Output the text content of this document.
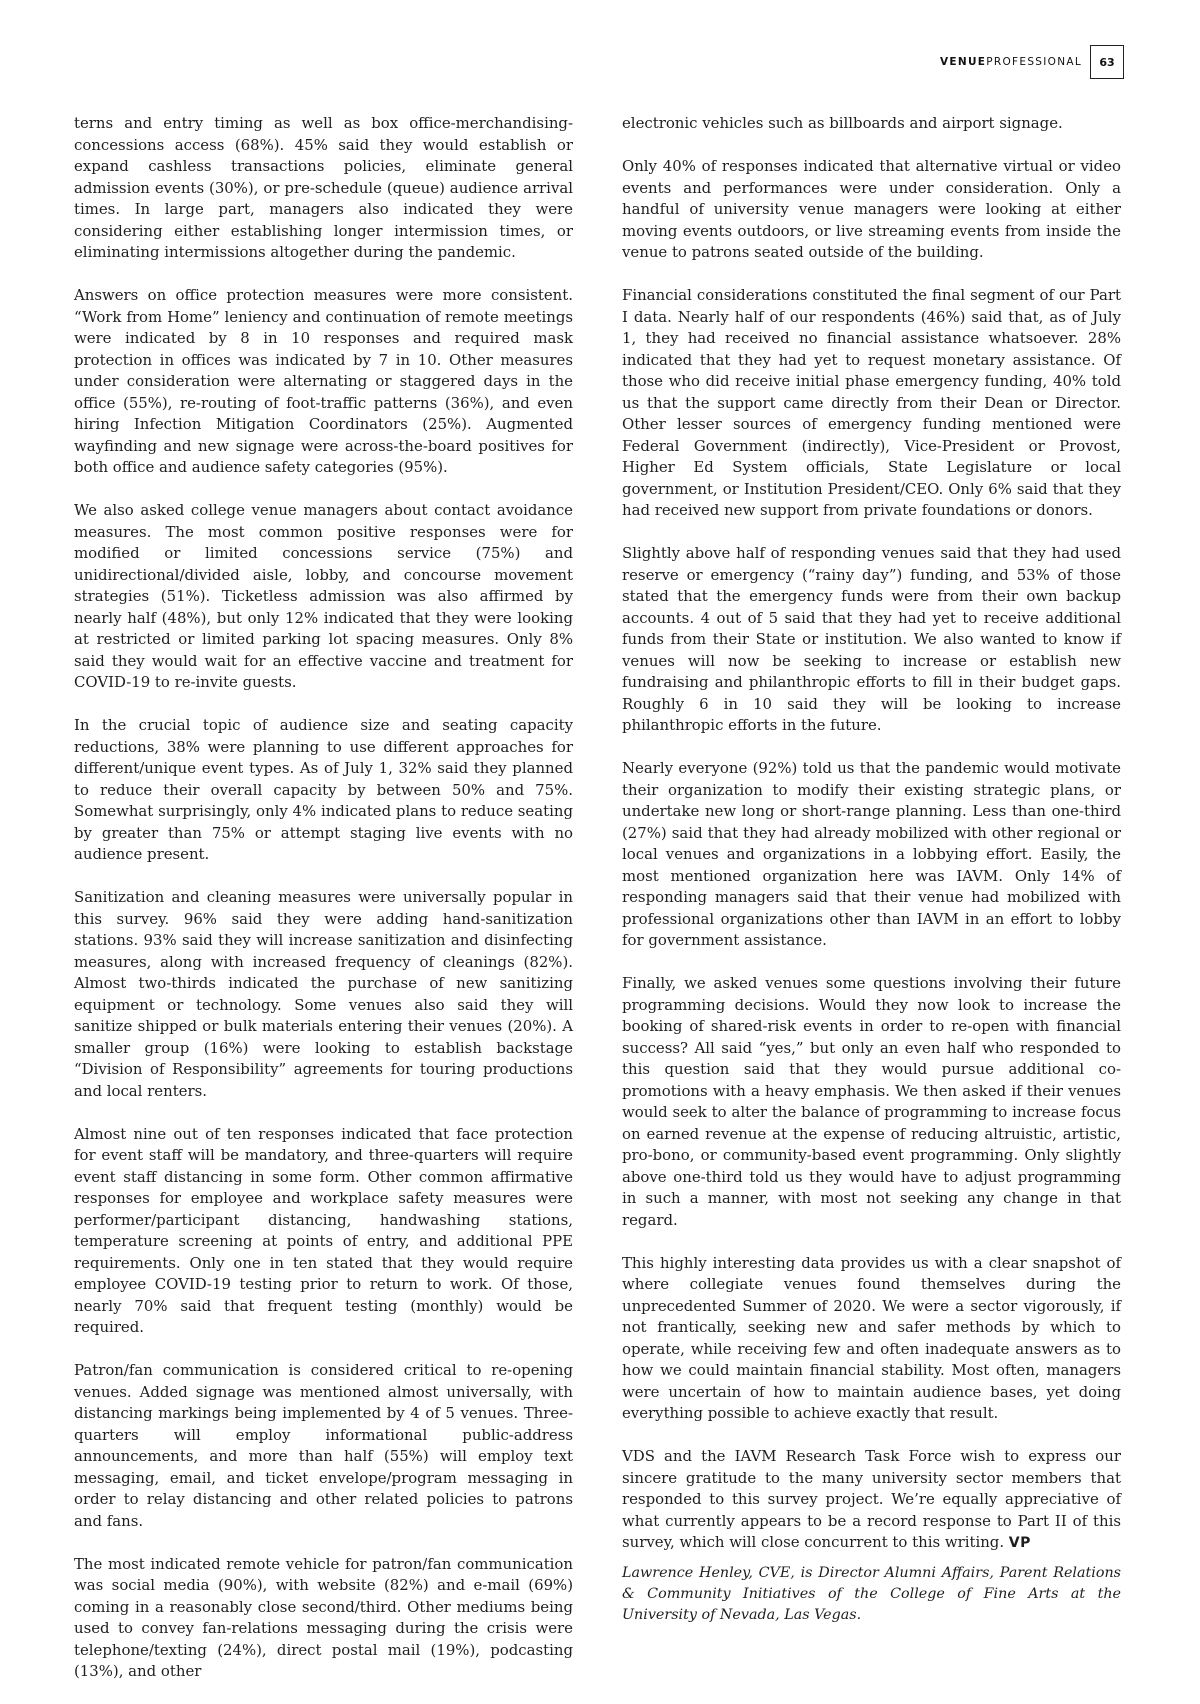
VENUEPROFESSIONAL	63

terns and entry timing as well as box office-merchandising-concessions access (68%). 45% said they would establish or expand cashless transactions policies, eliminate general admission events (30%), or pre-schedule (queue) audience arrival times. In large part, managers also indicated they were considering either establishing longer intermission times, or eliminating intermissions altogether during the pandemic.

Answers on office protection measures were more consistent. “Work from Home” leniency and continuation of remote meetings were indicated by 8 in 10 responses and required mask protection in offices was indicated by 7 in 10. Other measures under consideration were alternating or staggered days in the office (55%), re-routing of foot-traffic patterns (36%), and even hiring Infection Mitigation Coordinators (25%). Augmented wayfinding and new signage were across-the-board positives for both office and audience safety categories (95%).

We also asked college venue managers about contact avoidance measures. The most common positive responses were for modified or limited concessions service (75%) and unidirectional/divided aisle, lobby, and concourse movement strategies (51%). Ticketless admission was also affirmed by nearly half (48%), but only 12% indicated that they were looking at restricted or limited parking lot spacing measures. Only 8% said they would wait for an effective vaccine and treatment for COVID-19 to re-invite guests.

In the crucial topic of audience size and seating capacity reductions, 38% were planning to use different approaches for different/unique event types. As of July 1, 32% said they planned to reduce their overall capacity by between 50% and 75%. Somewhat surprisingly, only 4% indicated plans to reduce seating by greater than 75% or attempt staging live events with no audience present.

Sanitization and cleaning measures were universally popular in this survey. 96% said they were adding hand-sanitization stations. 93% said they will increase sanitization and disinfecting measures, along with increased frequency of cleanings (82%). Almost two-thirds indicated the purchase of new sanitizing equipment or technology. Some venues also said they will sanitize shipped or bulk materials entering their venues (20%). A smaller group (16%) were looking to establish backstage “Division of Responsibility” agreements for touring productions and local renters.

Almost nine out of ten responses indicated that face protection for event staff will be mandatory, and three-quarters will require event staff distancing in some form. Other common affirmative responses for employee and workplace safety measures were performer/participant distancing, handwashing stations, temperature screening at points of entry, and additional PPE requirements. Only one in ten stated that they would require employee COVID-19 testing prior to return to work. Of those, nearly 70% said that frequent testing (monthly) would be required.

Patron/fan communication is considered critical to re-opening venues. Added signage was mentioned almost universally, with distancing markings being implemented by 4 of 5 venues. Three-quarters will employ informational public-address announcements, and more than half (55%) will employ text messaging, email, and ticket envelope/program messaging in order to relay distancing and other related policies to patrons and fans.

The most indicated remote vehicle for patron/fan communication was social media (90%), with website (82%) and e-mail (69%) coming in a reasonably close second/third. Other mediums being used to convey fan-relations messaging during the crisis were telephone/texting (24%), direct postal mail (19%), podcasting (13%), and other

electronic vehicles such as billboards and airport signage.

Only 40% of responses indicated that alternative virtual or video events and performances were under consideration. Only a handful of university venue managers were looking at either moving events outdoors, or live streaming events from inside the venue to patrons seated outside of the building.

Financial considerations constituted the final segment of our Part I data. Nearly half of our respondents (46%) said that, as of July 1, they had received no financial assistance whatsoever. 28% indicated that they had yet to request monetary assistance. Of those who did receive initial phase emergency funding, 40% told us that the support came directly from their Dean or Director. Other lesser sources of emergency funding mentioned were Federal Government (indirectly), Vice-President or Provost, Higher Ed System officials, State Legislature or local government, or Institution President/CEO. Only 6% said that they had received new support from private foundations or donors.

Slightly above half of responding venues said that they had used reserve or emergency (“rainy day”) funding, and 53% of those stated that the emergency funds were from their own backup accounts. 4 out of 5 said that they had yet to receive additional funds from their State or institution. We also wanted to know if venues will now be seeking to increase or establish new fundraising and philanthropic efforts to fill in their budget gaps. Roughly 6 in 10 said they will be looking to increase philanthropic efforts in the future.

Nearly everyone (92%) told us that the pandemic would motivate their organization to modify their existing strategic plans, or undertake new long or short-range planning. Less than one-third (27%) said that they had already mobilized with other regional or local venues and organizations in a lobbying effort. Easily, the most mentioned organization here was IAVM. Only 14% of responding managers said that their venue had mobilized with professional organizations other than IAVM in an effort to lobby for government assistance.

Finally, we asked venues some questions involving their future programming decisions. Would they now look to increase the booking of shared-risk events in order to re-open with financial success? All said “yes,” but only an even half who responded to this question said that they would pursue additional co-promotions with a heavy emphasis. We then asked if their venues would seek to alter the balance of programming to increase focus on earned revenue at the expense of reducing altruistic, artistic, pro-bono, or community-based event programming. Only slightly above one-third told us they would have to adjust programming in such a manner, with most not seeking any change in that regard.

This highly interesting data provides us with a clear snapshot of where collegiate venues found themselves during the unprecedented Summer of 2020. We were a sector vigorously, if not frantically, seeking new and safer methods by which to operate, while receiving few and often inadequate answers as to how we could maintain financial stability. Most often, managers were uncertain of how to maintain audience bases, yet doing everything possible to achieve exactly that result.

VDS and the IAVM Research Task Force wish to express our sincere gratitude to the many university sector members that responded to this survey project. We’re equally appreciative of what currently appears to be a record response to Part II of this survey, which will close concurrent to this writing. VP

Lawrence Henley, CVE, is Director Alumni Affairs, Parent Relations & Community Initiatives of the College of Fine Arts at the University of Nevada, Las Vegas.
